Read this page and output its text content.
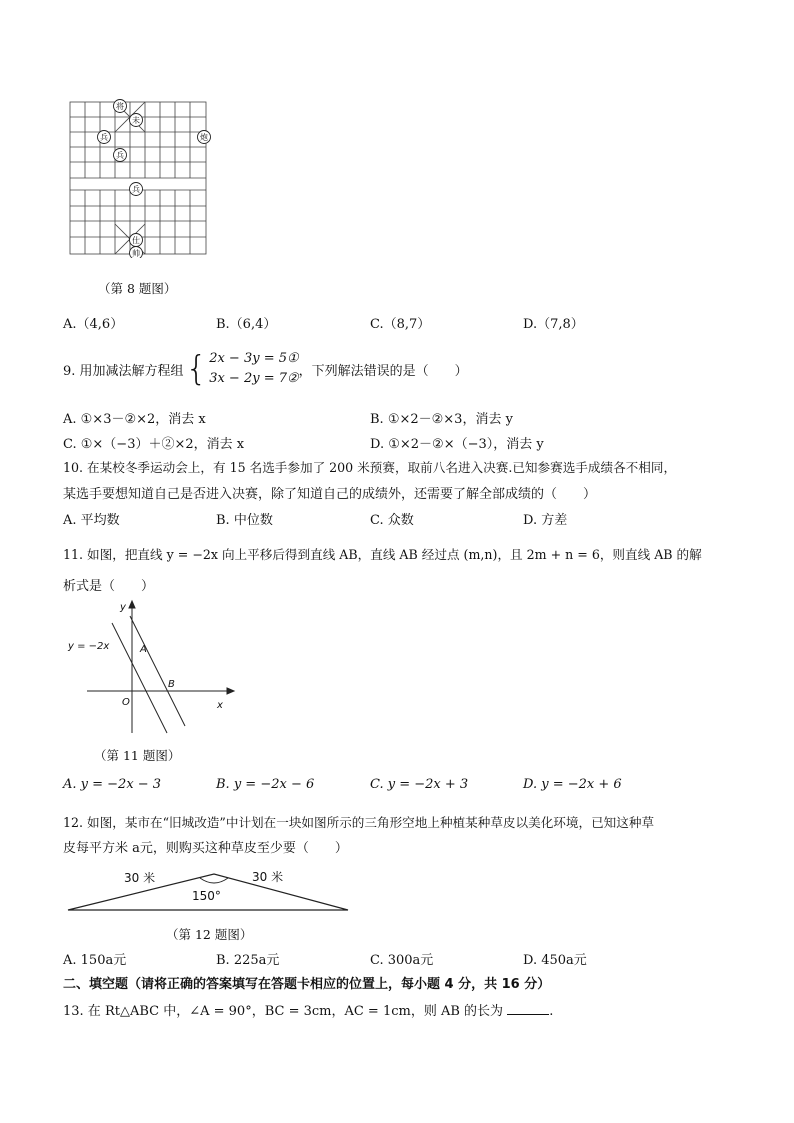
将
未
兵
兵
炮
兵
仕
帅
（第 8 题图）
A.（4,6）	B.（6,4）	C.（8,7）	D.（7,8）
9. 用加减法解方程组 { 2x − 3y = 5①
3x − 2y = 7② ，下列解法错误的是（　　）
A. ①×3－②×2，消去 x	B. ①×2－②×3，消去 y
C. ①×（−3）＋②×2，消去 x	D. ①×2－②×（−3），消去 y
10. 在某校冬季运动会上，有 15 名选手参加了 200 米预赛，取前八名进入决赛.已知参赛选手成绩各不相同，
某选手要想知道自己是否进入决赛，除了知道自己的成绩外，还需要了解全部成绩的（　　）
A. 平均数	B. 中位数	C. 众数	D. 方差
11. 如图，把直线 y = −2x 向上平移后得到直线 AB，直线 AB 经过点 (m,n)，且 2m + n = 6，则直线 AB 的解
析式是（　　）
y
x
O
y = −2x	A
B
（第 11 题图）
A. y = −2x − 3	B. y = −2x − 6	C. y = −2x + 3	D. y = −2x + 6
12. 如图，某市在“旧城改造”中计划在一块如图所示的三角形空地上种植某种草皮以美化环境，已知这种草
皮每平方米 a元，则购买这种草皮至少要（　　）
30 米	30 米
150°
（第 12 题图）
A. 150a元	B. 225a元	C. 300a元	D. 450a元
二、填空题（请将正确的答案填写在答题卡相应的位置上，每小题 4 分，共 16 分）
13. 在 Rt△ABC 中，∠A = 90°，BC = 3cm，AC = 1cm，则 AB 的长为	.
